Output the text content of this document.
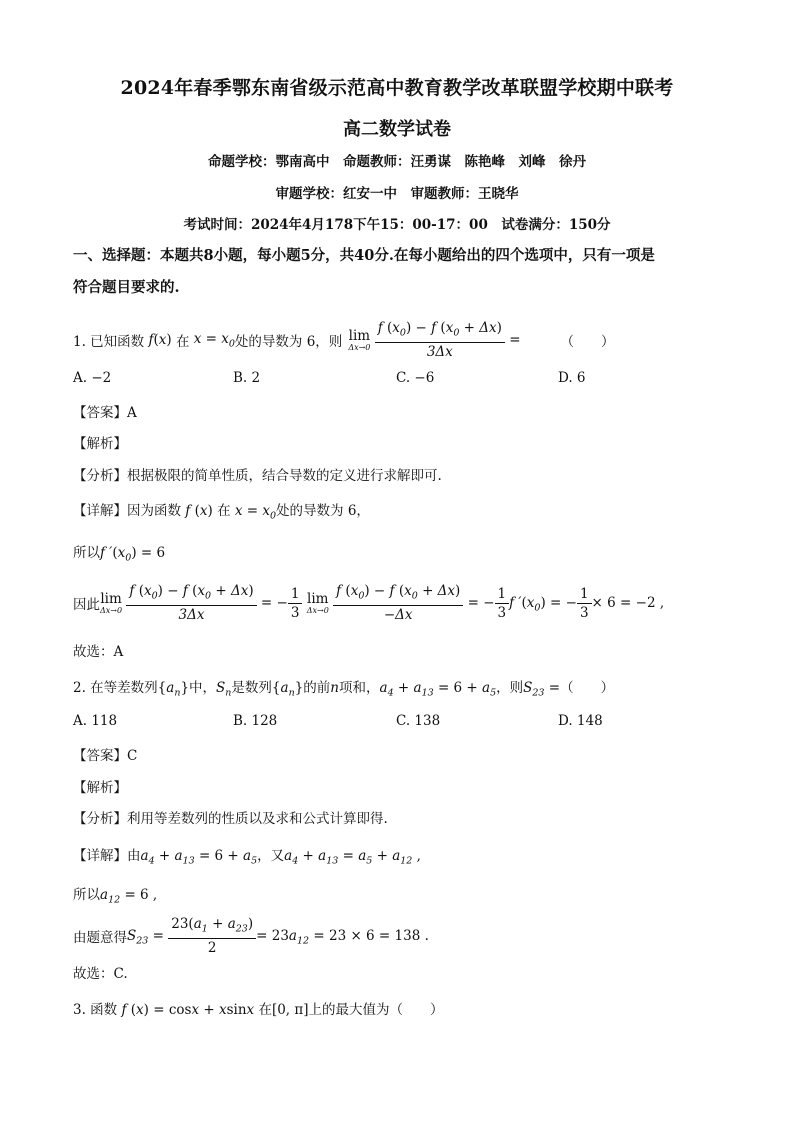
2024年春季鄂东南省级示范高中教育教学改革联盟学校期中联考
高二数学试卷
命题学校：鄂南高中　命题教师：汪勇谋　陈艳峰　刘峰　徐丹
审题学校：红安一中　审题教师：王晓华
考试时间：2024年4月178下午15：00-17：00　试卷满分：150分
一、选择题：本题共8小题，每小题5分，共40分.在每小题给出的四个选项中，只有一项是
符合题目要求的.
1. 已知函数 f(x) 在 $x = x_0$ 处的导数为 6，则 lim
Δx→0
$\frac{f (x_0) - f (x_0 + \Delta x)}{3\Delta x}$ =	（　　）
A. −2	B. 2	C. −6	D. 6
【答案】A
【解析】
【分析】根据极限的简单性质，结合导数的定义进行求解即可.
【详解】因为函数 f (x) 在 $x = x_0$处的导数为 6，
所以f $'(x_0) = 6$
因此 lim
Δx→0
$\frac{f (x_0) - f (x_0 + \Delta x)}{3\Delta x}$ = − $\frac{1}{3}$
lim
Δx→0
$\frac{f (x_0) - f (x_0 + \Delta x)}{-\Delta x}$ = − $\frac{1}{3}$ f $'(x_0)$ = − $\frac{1}{3} \times 6 = -2$ ,
故选：A
2. 在等差数列$\{a_n\}$中，$S_n$是数列$\{a_n\}$的前n项和，$a_4 + a_{13} = 6 + a_5$，则$S_{23}$ =（　　）
A. 118	B. 128	C. 138	D. 148
【答案】C
【解析】
【分析】利用等差数列的性质以及求和公式计算即得.
【详解】由$a_4 + a_{13} = 6 + a_5$，又$a_4 + a_{13} = a_5 + a_{12}$ ,
所以$a_{12} = 6$ ,
由题意得 $S_{23} = \frac{23(a_1 + a_{23})}{2} = 23a_{12} = 23 \times 6 = 138$ .
故选：C.
3. 函数 f (x) = cosx + xsinx 在[0, π]上的最大值为（　　）
